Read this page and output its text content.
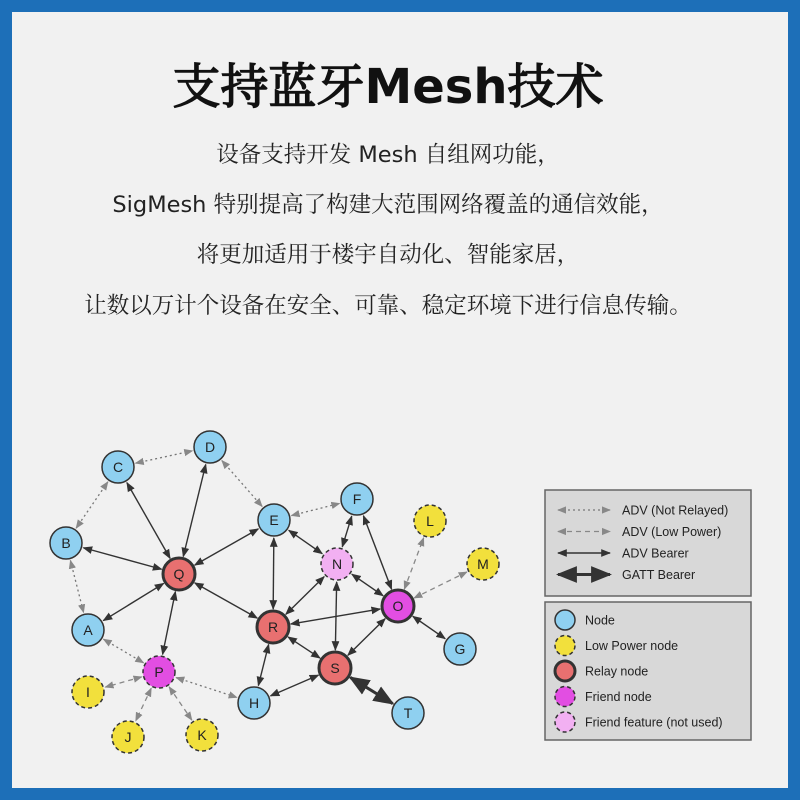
支持蓝牙Mesh技术
设备支持开发 Mesh 自组网功能，
SigMesh 特别提高了构建大范围网络覆盖的通信效能，
将更加适用于楼宇自动化、智能家居，
让数以万计个设备在安全、可靠、稳定环境下进行信息传输。
A
B
C
D
E
F
G
H
I
J	K
L
M
N
O
P
Q
R
S
T
ADV (Not Relayed)
ADV (Low Power)
ADV Bearer
GATT Bearer
Node
Low Power node
Relay node
Friend node
Friend feature (not used)
